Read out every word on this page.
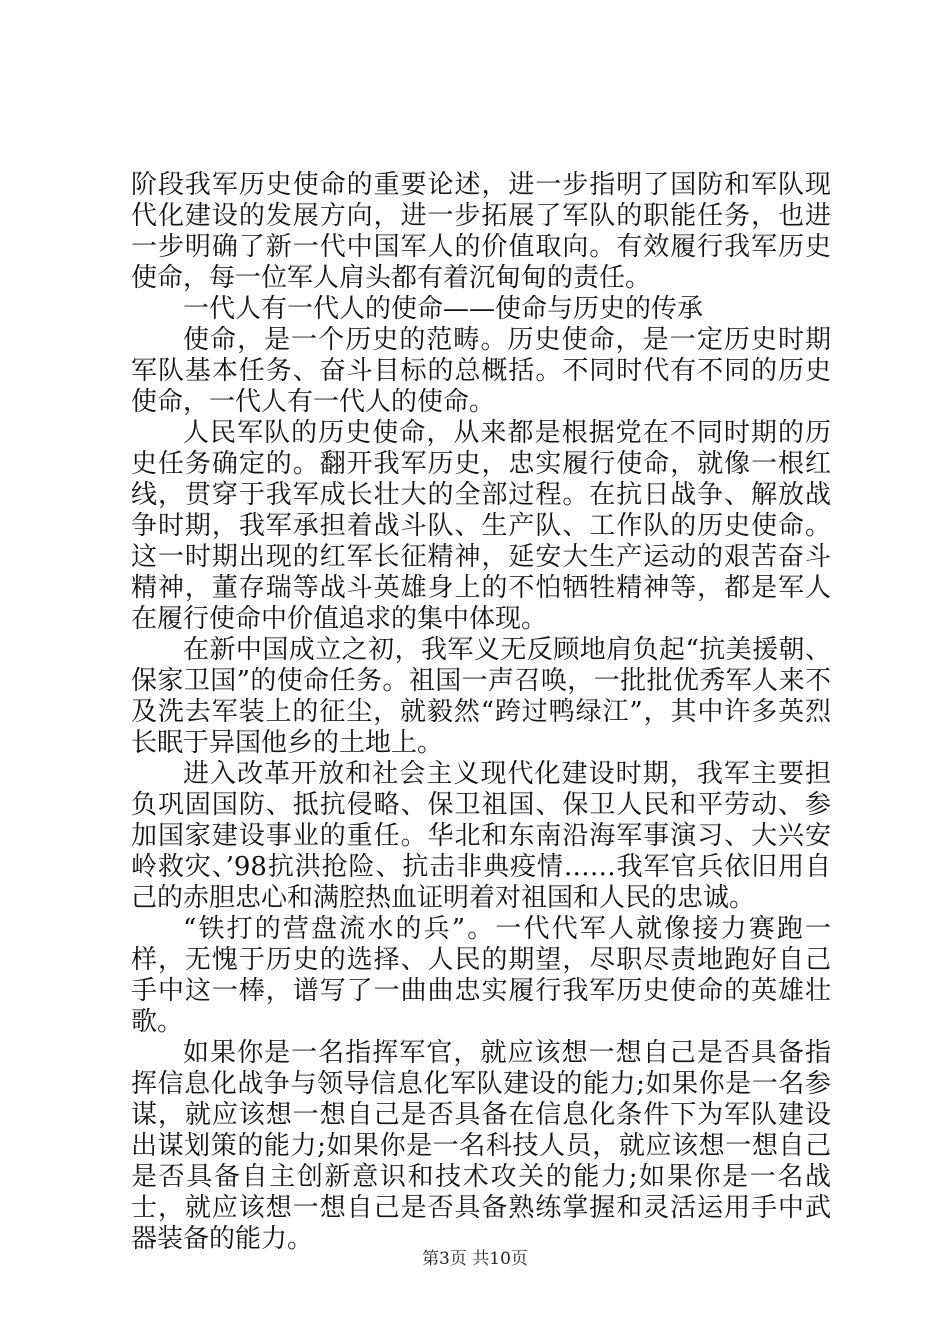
阶段我军历史使命的重要论述，进一步指明了国防和军队现代化建设的发展方向，进一步拓展了军队的职能任务，也进一步明确了新一代中国军人的价值取向。有效履行我军历史使命，每一位军人肩头都有着沉甸甸的责任。

一代人有一代人的使命——使命与历史的传承

使命，是一个历史的范畴。历史使命，是一定历史时期军队基本任务、奋斗目标的总概括。不同时代有不同的历史使命，一代人有一代人的使命。

人民军队的历史使命，从来都是根据党在不同时期的历史任务确定的。翻开我军历史，忠实履行使命，就像一根红线，贯穿于我军成长壮大的全部过程。在抗日战争、解放战争时期，我军承担着战斗队、生产队、工作队的历史使命。这一时期出现的红军长征精神，延安大生产运动的艰苦奋斗精神，董存瑞等战斗英雄身上的不怕牺牲精神等，都是军人在履行使命中价值追求的集中体现。

在新中国成立之初，我军义无反顾地肩负起“抗美援朝、保家卫国”的使命任务。祖国一声召唤，一批批优秀军人来不及洗去军装上的征尘，就毅然“跨过鸭绿江”，其中许多英烈长眠于异国他乡的土地上。

进入改革开放和社会主义现代化建设时期，我军主要担负巩固国防、抵抗侵略、保卫祖国、保卫人民和平劳动、参加国家建设事业的重任。华北和东南沿海军事演习、大兴安岭救灾、’98抗洪抢险、抗击非典疫情……我军官兵依旧用自己的赤胆忠心和满腔热血证明着对祖国和人民的忠诚。

“铁打的营盘流水的兵”。一代代军人就像接力赛跑一样，无愧于历史的选择、人民的期望，尽职尽责地跑好自己手中这一棒，谱写了一曲曲忠实履行我军历史使命的英雄壮歌。

如果你是一名指挥军官，就应该想一想自己是否具备指挥信息化战争与领导信息化军队建设的能力;如果你是一名参谋，就应该想一想自己是否具备在信息化条件下为军队建设出谋划策的能力;如果你是一名科技人员，就应该想一想自己是否具备自主创新意识和技术攻关的能力;如果你是一名战士，就应该想一想自己是否具备熟练掌握和灵活运用手中武器装备的能力。

第3页 共10页
